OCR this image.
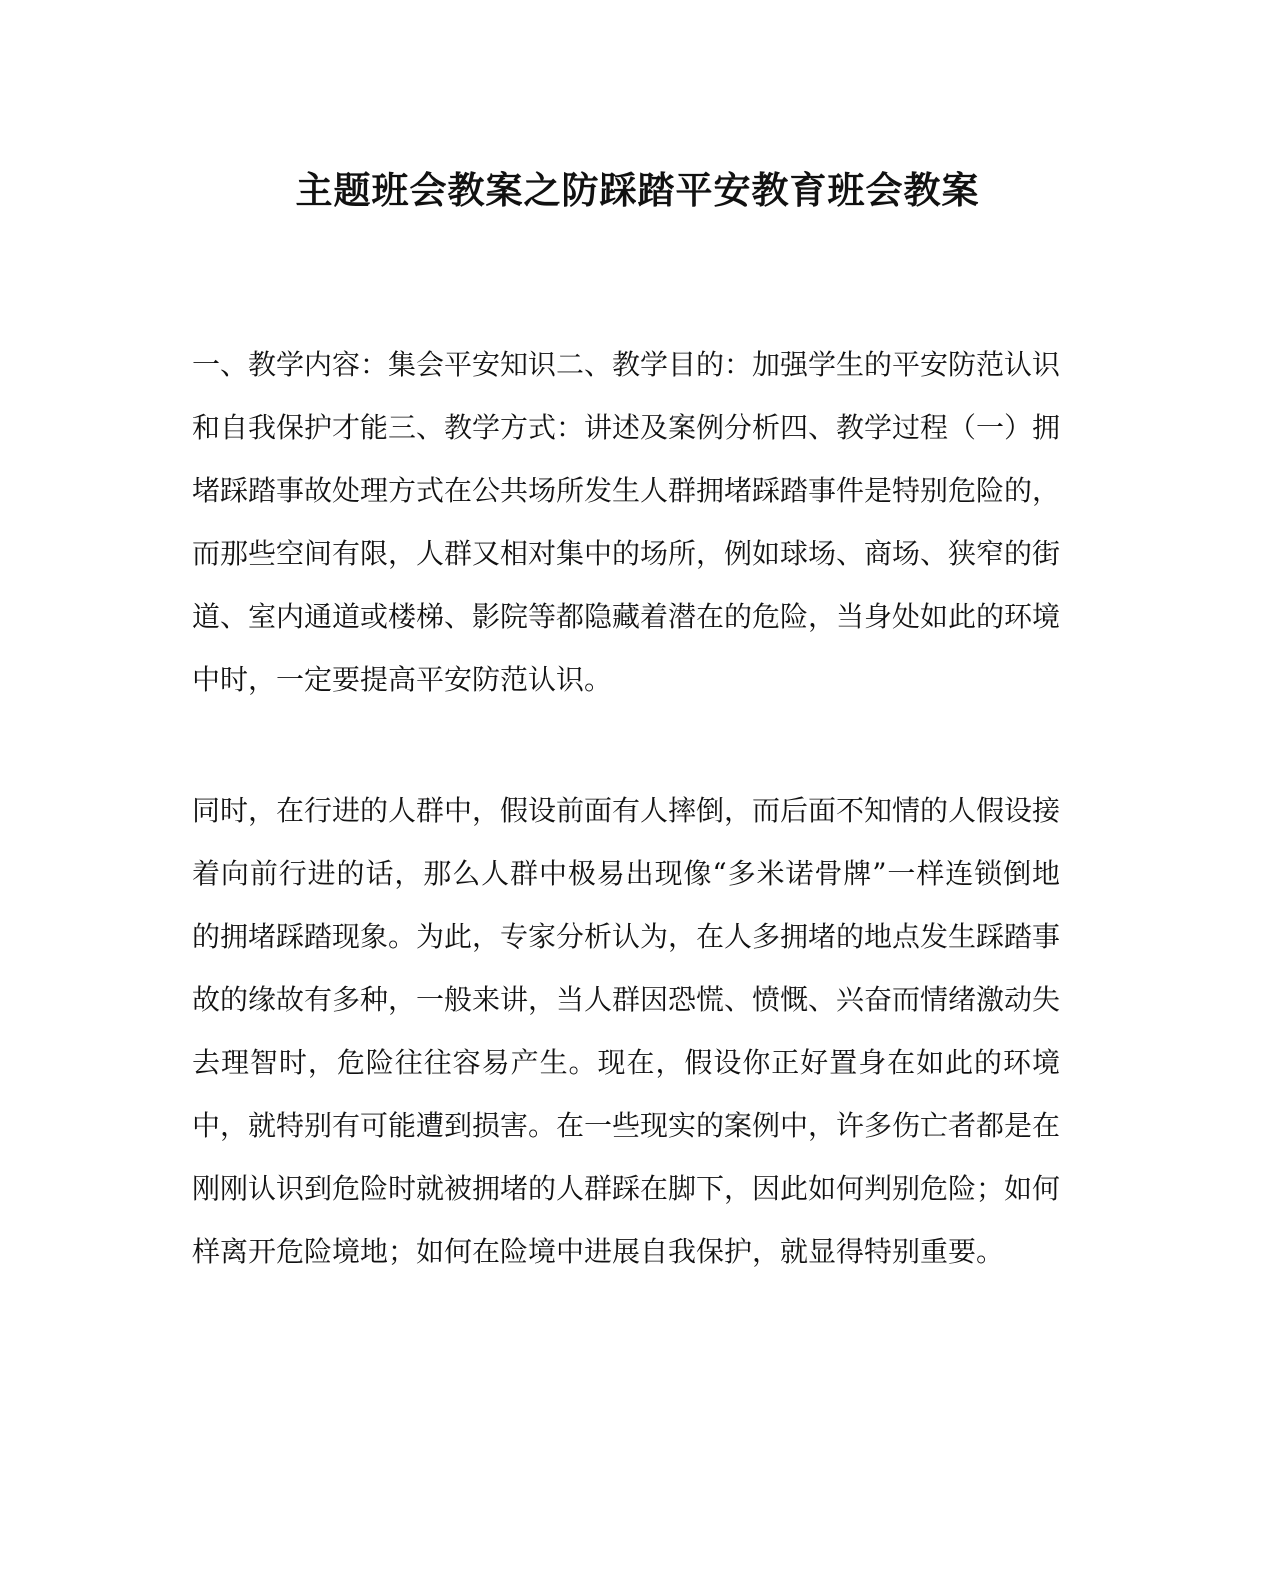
主题班会教案之防踩踏平安教育班会教案

一、教学内容：集会平安知识二、教学目的：加强学生的平安防范认识和自我保护才能三、教学方式：讲述及案例分析四、教学过程（一）拥堵踩踏事故处理方式在公共场所发生人群拥堵踩踏事件是特别危险的，而那些空间有限，人群又相对集中的场所，例如球场、商场、狭窄的街道、室内通道或楼梯、影院等都隐藏着潜在的危险，当身处如此的环境中时，一定要提高平安防范认识。

同时，在行进的人群中，假设前面有人摔倒，而后面不知情的人假设接着向前行进的话，那么人群中极易出现像“多米诺骨牌”一样连锁倒地的拥堵踩踏现象。为此，专家分析认为，在人多拥堵的地点发生踩踏事故的缘故有多种，一般来讲，当人群因恐慌、愤慨、兴奋而情绪激动失去理智时，危险往往容易产生。现在，假设你正好置身在如此的环境中，就特别有可能遭到损害。在一些现实的案例中，许多伤亡者都是在刚刚认识到危险时就被拥堵的人群踩在脚下，因此如何判别危险；如何样离开危险境地；如何在险境中进展自我保护，就显得特别重要。
